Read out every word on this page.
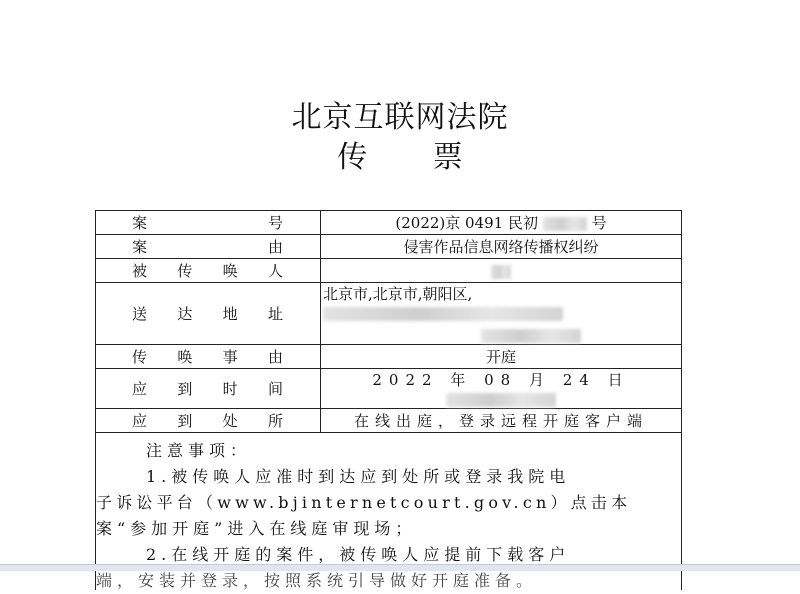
北京互联网法院
传 票
案号	(2022)京 0491 民初 号
案由	侵害作品信息网络传播权纠纷
被传唤人	
送达地址	北京市,北京市,朝阳区,

传唤事由	开庭
应到时间	2022 年 08 月 24 日
应到处所	在线出庭，登录远程开庭客户端

注意事项：

1.被传唤人应准时到达应到处所或登录我院电

子诉讼平台（www.bjinternetcourt.gov.cn）点击本

案“参加开庭”进入在线庭审现场；

2.在线开庭的案件，被传唤人应提前下载客户

端，安装并登录，按照系统引导做好开庭准备。
